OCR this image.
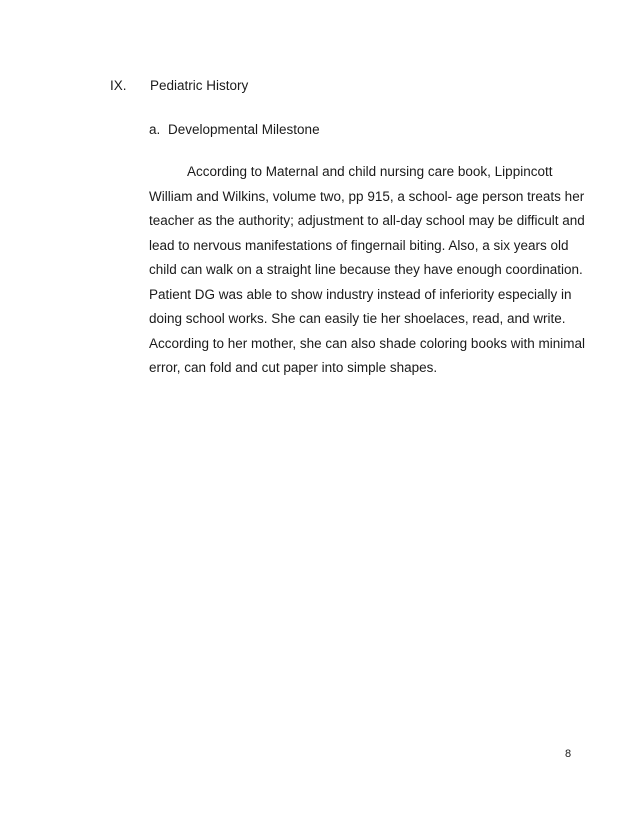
IX. Pediatric History
a. Developmental Milestone
According to Maternal and child nursing care book, Lippincott
William and Wilkins, volume two, pp 915, a school- age person treats her
teacher as the authority; adjustment to all-day school may be difficult and
lead to nervous manifestations of fingernail biting. Also, a six years old
child can walk on a straight line because they have enough coordination.
Patient DG was able to show industry instead of inferiority especially in
doing school works. She can easily tie her shoelaces, read, and write.
According to her mother, she can also shade coloring books with minimal
error, can fold and cut paper into simple shapes.
8
